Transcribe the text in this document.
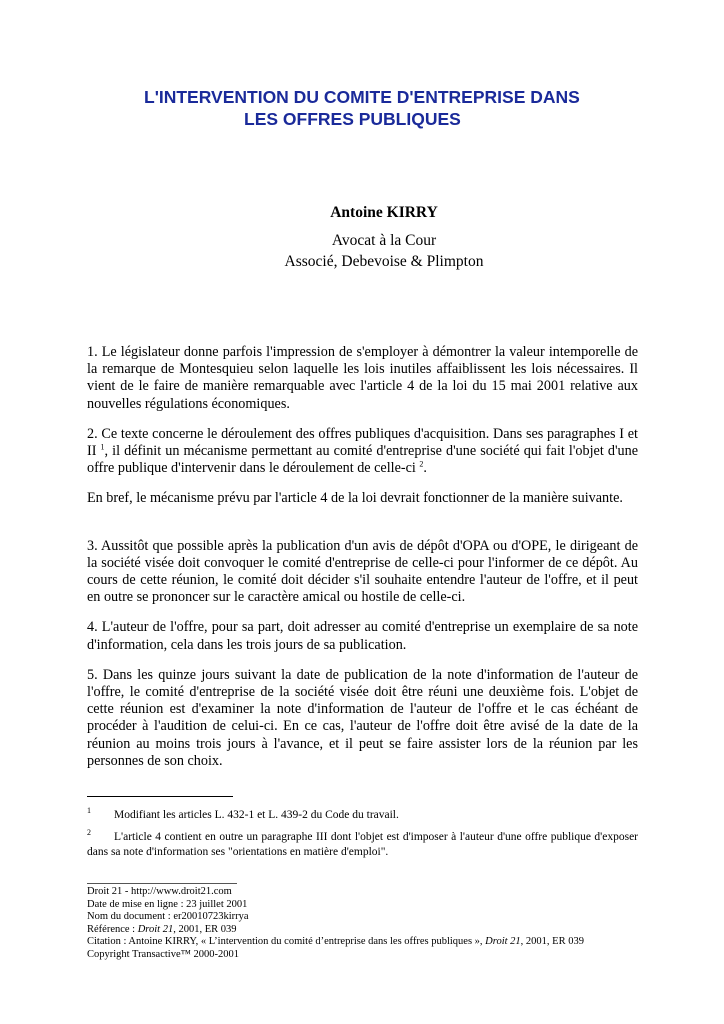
L'INTERVENTION DU COMITE D'ENTREPRISE DANS
LES OFFRES PUBLIQUES
Antoine KIRRY
Avocat à la Cour
Associé, Debevoise & Plimpton

1. Le législateur donne parfois l'impression de s'employer à démontrer la valeur intemporelle de la remarque de Montesquieu selon laquelle les lois inutiles affaiblissent les lois nécessaires. Il vient de le faire de manière remarquable avec l'article 4 de la loi du 15 mai 2001 relative aux nouvelles régulations économiques.

2. Ce texte concerne le déroulement des offres publiques d'acquisition. Dans ses paragraphes I et II $^1$, il définit un mécanisme permettant au comité d'entreprise d'une société qui fait l'objet d'une offre publique d'intervenir dans le déroulement de celle-ci $^2$.

En bref, le mécanisme prévu par l'article 4 de la loi devrait fonctionner de la manière suivante.

3. Aussitôt que possible après la publication d'un avis de dépôt d'OPA ou d'OPE, le dirigeant de la société visée doit convoquer le comité d'entreprise de celle-ci pour l'informer de ce dépôt. Au cours de cette réunion, le comité doit décider s'il souhaite entendre l'auteur de l'offre, et il peut en outre se prononcer sur le caractère amical ou hostile de celle-ci.

4. L'auteur de l'offre, pour sa part, doit adresser au comité d'entreprise un exemplaire de sa note d'information, cela dans les trois jours de sa publication.

5. Dans les quinze jours suivant la date de publication de la note d'information de l'auteur de l'offre, le comité d'entreprise de la société visée doit être réuni une deuxième fois. L'objet de cette réunion est d'examiner la note d'information de l'auteur de l'offre et le cas échéant de procéder à l'audition de celui-ci. En ce cas, l'auteur de l'offre doit être avisé de la date de la réunion au moins trois jours à l'avance, et il peut se faire assister lors de la réunion par les personnes de son choix.

1 Modifiant les articles L. 432-1 et L. 439-2 du Code du travail.
2 L'article 4 contient en outre un paragraphe III dont l'objet est d'imposer à l'auteur d'une offre publique d'exposer dans sa note d'information ses "orientations en matière d'emploi".
Droit 21 - http://www.droit21.com
Date de mise en ligne : 23 juillet 2001
Nom du document : er20010723kirrya
Référence : Droit 21, 2001, ER 039
Citation : Antoine KIRRY, « L’intervention du comité d’entreprise dans les offres publiques », Droit 21, 2001, ER 039
Copyright Transactive™ 2000-2001
